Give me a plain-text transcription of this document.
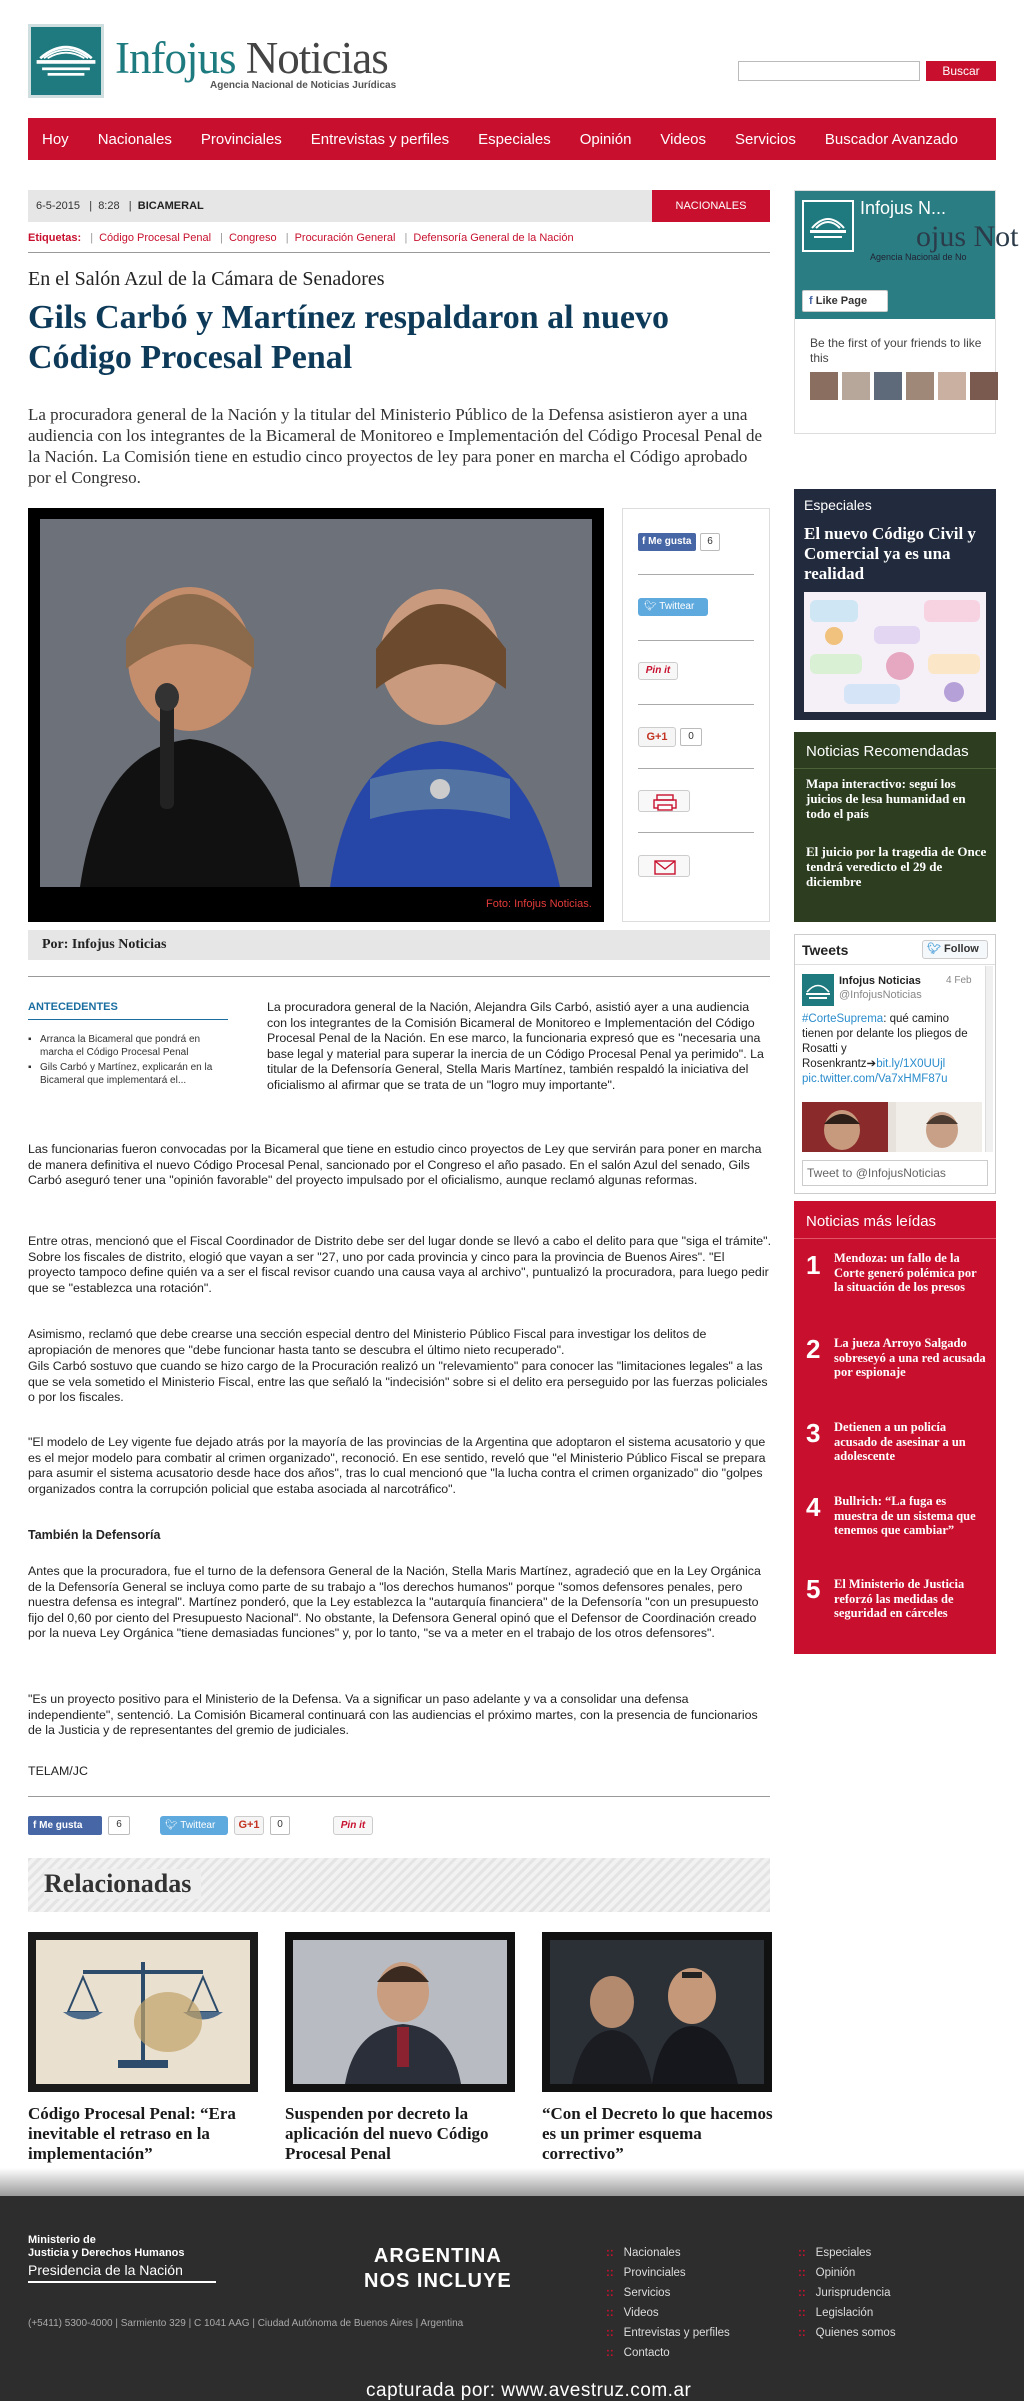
Infojus Noticias
Agencia Nacional de Noticias Jurídicas
Buscar
Hoy Nacionales Provinciales Entrevistas y perfiles Especiales Opinión Videos Servicios Buscador Avanzado
6-5-2015   |  8:28   |  BICAMERAL	NACIONALES
Etiquetas: | Código Procesal Penal | Congreso | Procuración General | Defensoría General de la Nación
En el Salón Azul de la Cámara de Senadores
Gils Carbó y Martínez respaldaron al nuevo Código Procesal Penal

La procuradora general de la Nación y la titular del Ministerio Público de la Defensa asistieron ayer a una audiencia con los integrantes de la Bicameral de Monitoreo e Implementación del Código Procesal Penal de la Nación. La Comisión tiene en estudio cinco proyectos de ley para poner en marcha el Código aprobado por el Congreso.

Foto: Infojus Noticias.
f Me gusta	6
🐦︎ Twittear
Pin it
G+1	0
Por: Infojus Noticias
ANTECEDENTES
▪ Arranca la Bicameral que pondrá en marcha el Código Procesal Penal
▪ Gils Carbó y Martínez, explicarán en la Bicameral que implementará el...

La procuradora general de la Nación, Alejandra Gils Carbó, asistió ayer a una audiencia con los integrantes de la Comisión Bicameral de Monitoreo e Implementación del Código Procesal Penal de la Nación. En ese marco, la funcionaria expresó que es "necesaria una base legal y material para superar la inercia de un Código Procesal Penal ya perimido". La titular de la Defensoría General, Stella Maris Martínez, también respaldó la iniciativa del oficialismo al afirmar que se trata de un "logro muy importante".

Las funcionarias fueron convocadas por la Bicameral que tiene en estudio cinco proyectos de Ley que servirán para poner en marcha de manera definitiva el nuevo Código Procesal Penal, sancionado por el Congreso el año pasado. En el salón Azul del senado, Gils Carbó aseguró tener una "opinión favorable" del proyecto impulsado por el oficialismo, aunque reclamó algunas reformas.

Entre otras, mencionó que el Fiscal Coordinador de Distrito debe ser del lugar donde se llevó a cabo el delito para que "siga el trámite". Sobre los fiscales de distrito, elogió que vayan a ser "27, uno por cada provincia y cinco para la provincia de Buenos Aires". "El proyecto tampoco define quién va a ser el fiscal revisor cuando una causa vaya al archivo", puntualizó la procuradora, para luego pedir que se "establezca una rotación".

Asimismo, reclamó que debe crearse una sección especial dentro del Ministerio Público Fiscal para investigar los delitos de apropiación de menores que "debe funcionar hasta tanto se descubra el último nieto recuperado".

Gils Carbó sostuvo que cuando se hizo cargo de la Procuración realizó un "relevamiento" para conocer las "limitaciones legales" a las que se vela sometido el Ministerio Fiscal, entre las que señaló la "indecisión" sobre si el delito era perseguido por las fuerzas policiales o por los fiscales.

"El modelo de Ley vigente fue dejado atrás por la mayoría de las provincias de la Argentina que adoptaron el sistema acusatorio y que es el mejor modelo para combatir al crimen organizado", reconoció. En ese sentido, reveló que "el Ministerio Público Fiscal se prepara para asumir el sistema acusatorio desde hace dos años", tras lo cual mencionó que "la lucha contra el crimen organizado" dio "golpes organizados contra la corrupción policial que estaba asociada al narcotráfico".

También la Defensoría

Antes que la procuradora, fue el turno de la defensora General de la Nación, Stella Maris Martínez, agradeció que en la Ley Orgánica de la Defensoría General se incluya como parte de su trabajo a "los derechos humanos" porque "somos defensores penales, pero nuestra defensa es integral". Martínez ponderó, que la Ley establezca la "autarquía financiera" de la Defensoría "con un presupuesto fijo del 0,60 por ciento del Presupuesto Nacional". No obstante, la Defensora General opinó que el Defensor de Coordinación creado por la nueva Ley Orgánica "tiene demasiadas funciones" y, por lo tanto, "se va a meter en el trabajo de los otros defensores".

"Es un proyecto positivo para el Ministerio de la Defensa. Va a significar un paso adelante y va a consolidar una defensa independiente", sentenció. La Comisión Bicameral continuará con las audiencias el próximo martes, con la presencia de funcionarios de la Justicia y de representantes del gremio de judiciales.

TELAM/JC

f Me gusta	6	🐦︎ Twittear	G+1	0	Pin it
Relacionadas
Código Procesal Penal: “Era inevitable el retraso en la implementación”
Suspenden por decreto la aplicación del nuevo Código Procesal Penal
“Con el Decreto lo que hacemos es un primer esquema correctivo”
ojus Not
Agencia Nacional de No
Infojus N...
f Like Page
Be the first of your friends to like this
Especiales
El nuevo Código Civil y Comercial ya es una realidad
Noticias Recomendadas
Mapa interactivo: seguí los juicios de lesa humanidad en todo el país
El juicio por la tragedia de Once tendrá veredicto el 29 de diciembre
Tweets	🐦︎ Follow
Infojus Noticias
@InfojusNoticias
4 Feb
#CorteSuprema: qué camino tienen por delante los pliegos de Rosatti y Rosenkrantz➔bit.ly/1X0UUjl pic.twitter.com/Va7xHMF87u
Tweet to @InfojusNoticias
Noticias más leídas
1 Mendoza: un fallo de la Corte generó polémica por la situación de los presos
2 La jueza Arroyo Salgado sobreseyó a una red acusada por espionaje
3 Detienen a un policía acusado de asesinar a un adolescente
4 Bullrich: “La fuga es muestra de un sistema que tenemos que cambiar”
5 El Ministerio de Justicia reforzó las medidas de seguridad en cárceles
Ministerio de
Justicia y Derechos Humanos
Presidencia de la Nación
ARGENTINA
NOS INCLUYE
(+5411) 5300-4000 | Sarmiento 329 | C 1041 AAG | Ciudad Autónoma de Buenos Aires | Argentina
:: Nacionales
:: Provinciales
:: Servicios
:: Videos
:: Entrevistas y perfiles
:: Contacto
:: Especiales
:: Opinión
:: Jurisprudencia
:: Legislación
:: Quienes somos
capturada por: www.avestruz.com.ar
